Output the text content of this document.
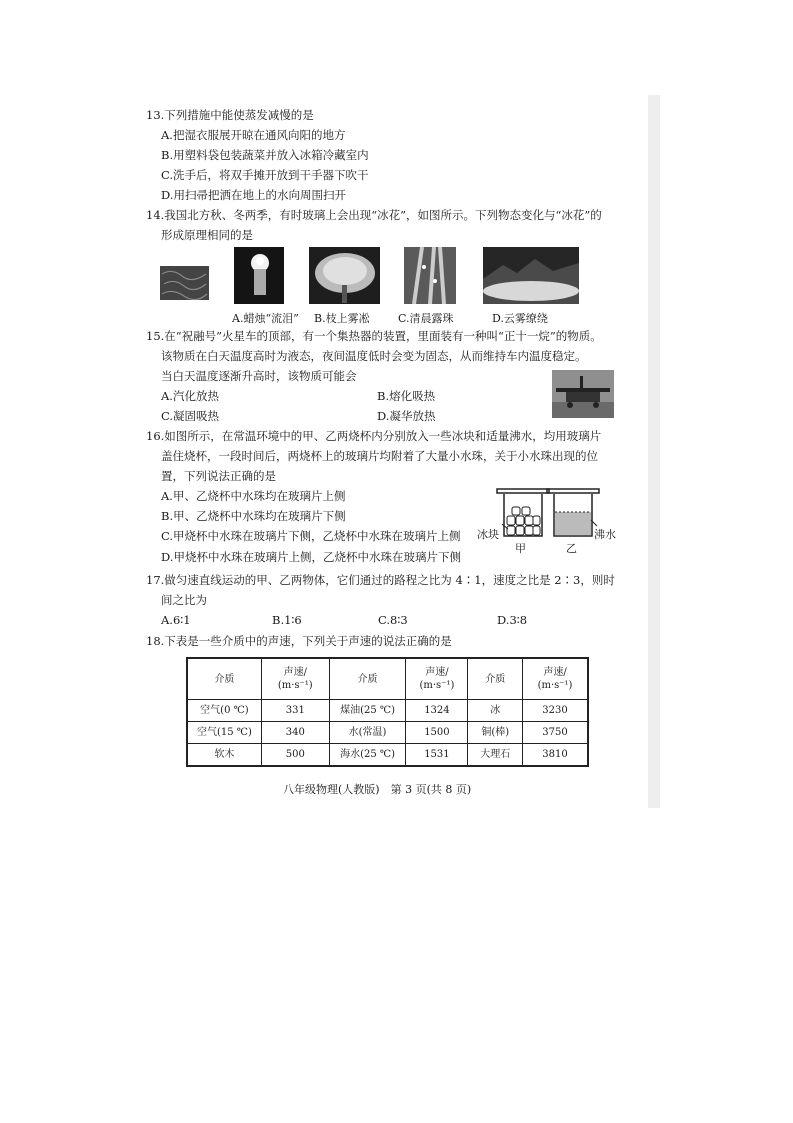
13.下列措施中能使蒸发减慢的是
A.把湿衣服展开晾在通风向阳的地方
B.用塑料袋包装蔬菜并放入冰箱冷藏室内
C.洗手后，将双手摊开放到干手器下吹干
D.用扫帚把洒在地上的水向周围扫开
14.我国北方秋、冬两季，有时玻璃上会出现“冰花”，如图所示。下列物态变化与“冰花”的
形成原理相同的是
A.蜡烛“流泪” B.枝上雾凇	C.清晨露珠	D.云雾缭绕
15.在“祝融号”火星车的顶部，有一个集热器的装置，里面装有一种叫“正十一烷”的物质。
该物质在白天温度高时为液态，夜间温度低时会变为固态，从而维持车内温度稳定。
当白天温度逐渐升高时，该物质可能会
A.汽化放热	B.熔化吸热
C.凝固吸热	D.凝华放热
16.如图所示，在常温环境中的甲、乙两烧杯内分别放入一些冰块和适量沸水，均用玻璃片
盖住烧杯，一段时间后，两烧杯上的玻璃片均附着了大量小水珠，关于小水珠出现的位
置，下列说法正确的是
A.甲、乙烧杯中水珠均在玻璃片上侧
B.甲、乙烧杯中水珠均在玻璃片下侧
C.甲烧杯中水珠在玻璃片下侧，乙烧杯中水珠在玻璃片上侧
D.甲烧杯中水珠在玻璃片上侧，乙烧杯中水珠在玻璃片下侧
冰块	沸水
甲	乙
17.做匀速直线运动的甲、乙两物体，它们通过的路程之比为 4∶1，速度之比是 2∶3，则时
间之比为
A.6∶1	B.1∶6	C.8∶3	D.3∶8
18.下表是一些介质中的声速，下列关于声速的说法正确的是
介质	声速/
(m·s⁻¹)	介质	声速/
(m·s⁻¹)	介质	声速/
(m·s⁻¹)
空气(0 ℃)	331	煤油(25 ℃)	1324	冰	3230
空气(15 ℃)	340	水(常温)	1500	铜(棒)	3750
软木	500	海水(25 ℃)	1531	大理石	3810
八年级物理(人教版)　第 3 页(共 8 页)
